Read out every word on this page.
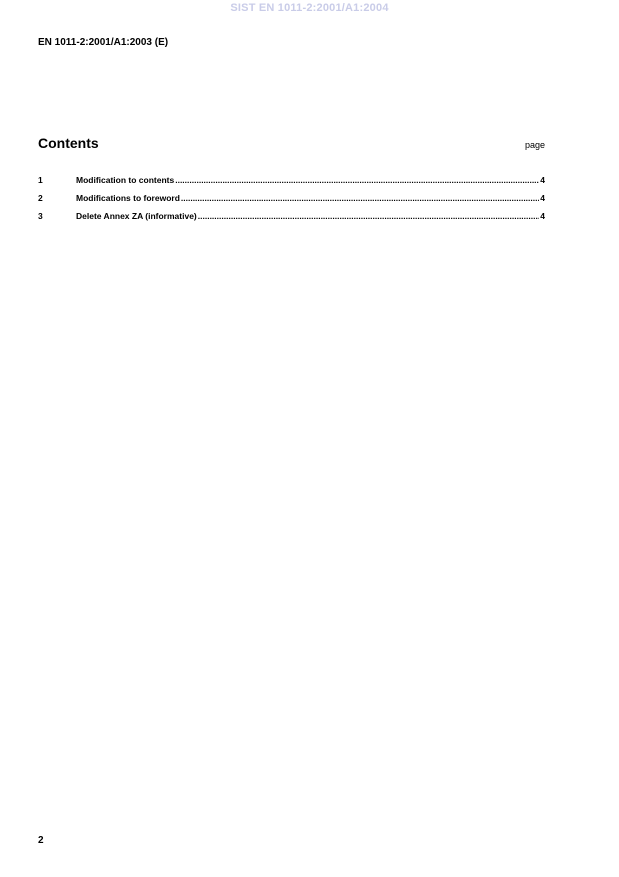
SIST EN 1011-2:2001/A1:2004
EN 1011-2:2001/A1:2003 (E)
Contents	page
1	Modification to contents .....	4
2	Modifications to foreword .....	4
3	Delete Annex ZA (informative) .....	4
2
